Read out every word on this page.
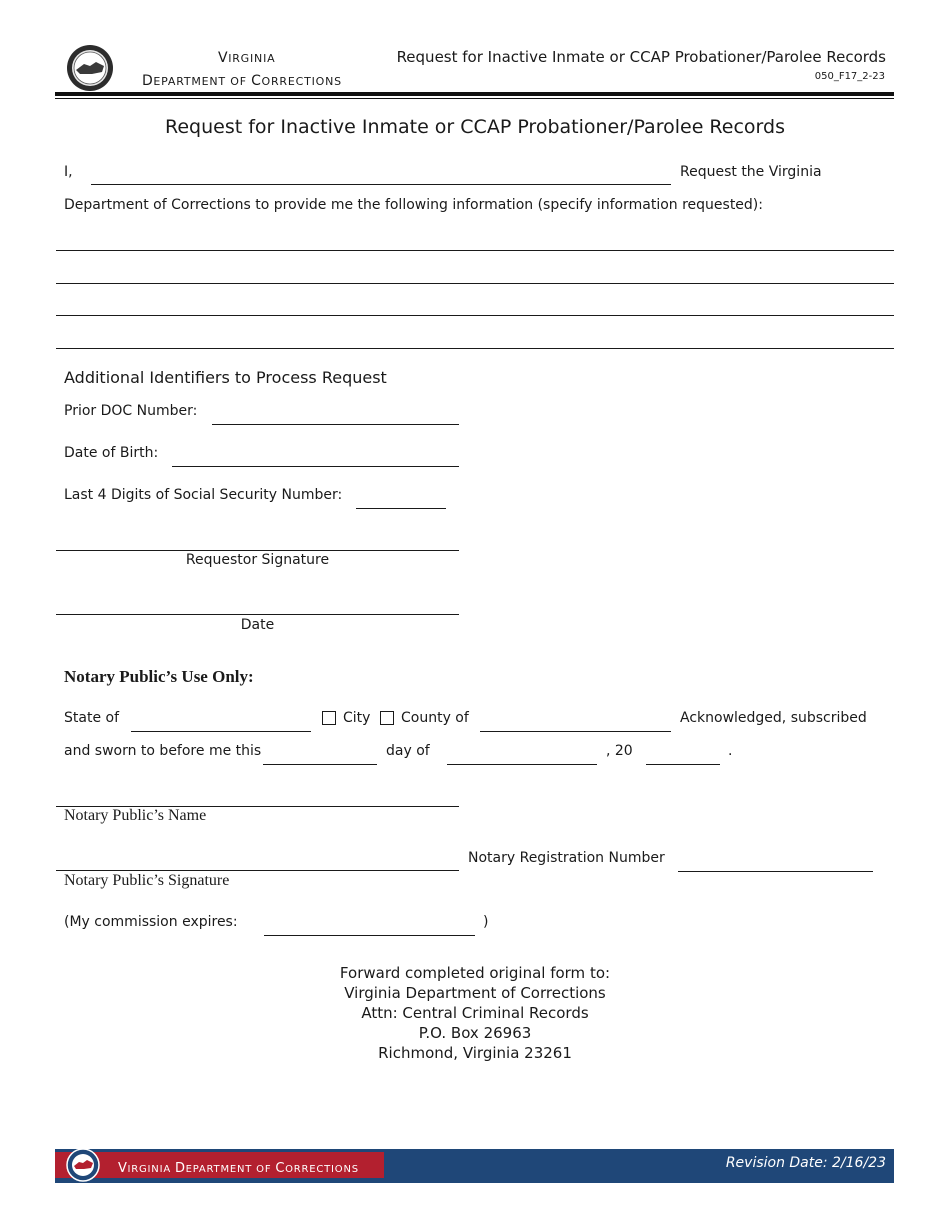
VIRGINIA
DEPARTMENT OF CORRECTIONS
Request for Inactive Inmate or CCAP Probationer/Parolee Records
050_F17_2-23
Request for Inactive Inmate or CCAP Probationer/Parolee Records
I,	Request the Virginia
Department of Corrections to provide me the following information (specify information requested):
Additional Identifiers to Process Request
Prior DOC Number:
Date of Birth:
Last 4 Digits of Social Security Number:
Requestor Signature
Date
Notary Public’s Use Only:
State of	City County of	Acknowledged, subscribed
and sworn to before me this	day of	, 20	.
Notary Public’s Name
Notary Registration Number
Notary Public’s Signature
(My commission expires:	)
Forward completed original form to:
Virginia Department of Corrections
Attn: Central Criminal Records
P.O. Box 26963
Richmond, Virginia 23261
VIRGINIA DEPARTMENT OF CORRECTIONS	Revision Date: 2/16/23
